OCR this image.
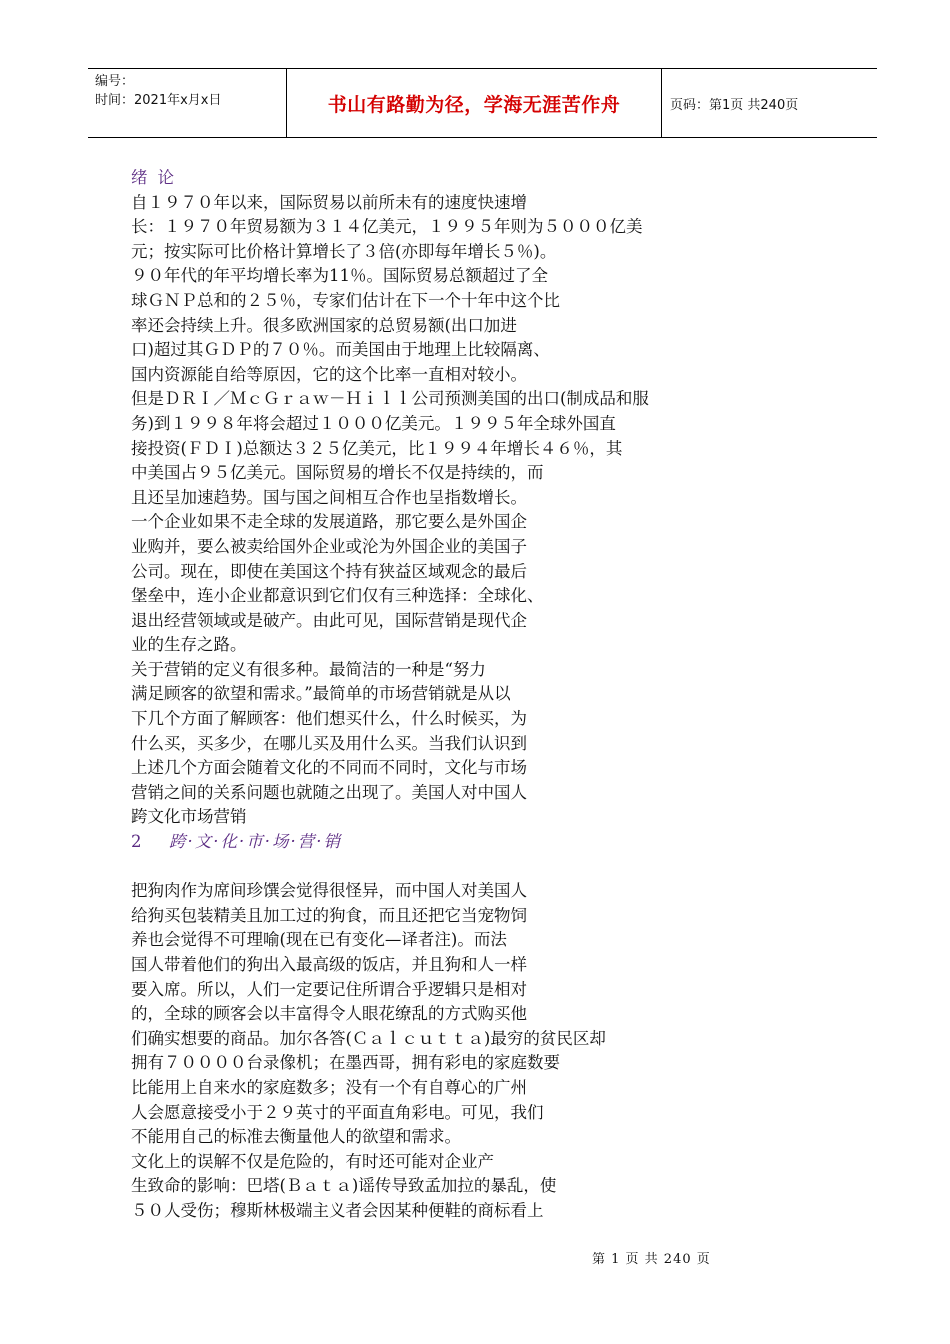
编号：
时间：2021年x月x日	书山有路勤为径，学海无涯苦作舟	页码：第1页 共240页
绪论
自１９７０年以来，国际贸易以前所未有的速度快速增
长：１９７０年贸易额为３１４亿美元，１９９５年则为５０００亿美
元；按实际可比价格计算增长了３倍(亦即每年增长５％)。
９０年代的年平均增长率为11％。国际贸易总额超过了全
球ＧＮＰ总和的２５％，专家们估计在下一个十年中这个比
率还会持续上升。很多欧洲国家的总贸易额(出口加进
口)超过其ＧＤＰ的７０％。而美国由于地理上比较隔离、
国内资源能自给等原因，它的这个比率一直相对较小。
但是ＤＲＩ／ＭｃＧｒａｗ－Ｈｉｌｌ公司预测美国的出口(制成品和服
务)到１９９８年将会超过１０００亿美元。１９９５年全球外国直
接投资(ＦＤＩ)总额达３２５亿美元，比１９９４年增长４６％，其
中美国占９５亿美元。国际贸易的增长不仅是持续的，而
且还呈加速趋势。国与国之间相互合作也呈指数增长。
一个企业如果不走全球的发展道路，那它要么是外国企
业购并，要么被卖给国外企业或沦为外国企业的美国子
公司。现在，即使在美国这个持有狭益区域观念的最后
堡垒中，连小企业都意识到它们仅有三种选择：全球化、
退出经营领域或是破产。由此可见，国际营销是现代企
业的生存之路。
关于营销的定义有很多种。最简洁的一种是“努力
满足顾客的欲望和需求。”最简单的市场营销就是从以
下几个方面了解顾客：他们想买什么，什么时候买，为
什么买，买多少，在哪儿买及用什么买。当我们认识到
上述几个方面会随着文化的不同而不同时，文化与市场
营销之间的关系问题也就随之出现了。美国人对中国人
跨文化市场营销
2 跨·文·化·市·场·营·销
把狗肉作为席间珍馔会觉得很怪异，而中国人对美国人
给狗买包装精美且加工过的狗食，而且还把它当宠物饲
养也会觉得不可理喻(现在已有变化—译者注)。而法
国人带着他们的狗出入最高级的饭店，并且狗和人一样
要入席。所以，人们一定要记住所谓合乎逻辑只是相对
的，全球的顾客会以丰富得令人眼花缭乱的方式购买他
们确实想要的商品。加尔各答(Ｃａｌｃｕｔｔａ)最穷的贫民区却
拥有７００００台录像机；在墨西哥，拥有彩电的家庭数要
比能用上自来水的家庭数多；没有一个有自尊心的广州
人会愿意接受小于２９英寸的平面直角彩电。可见，我们
不能用自己的标准去衡量他人的欲望和需求。
文化上的误解不仅是危险的，有时还可能对企业产
生致命的影响：巴塔(Ｂａｔａ)谣传导致孟加拉的暴乱，使
５０人受伤；穆斯林极端主义者会因某种便鞋的商标看上
第 1 页 共 240 页
